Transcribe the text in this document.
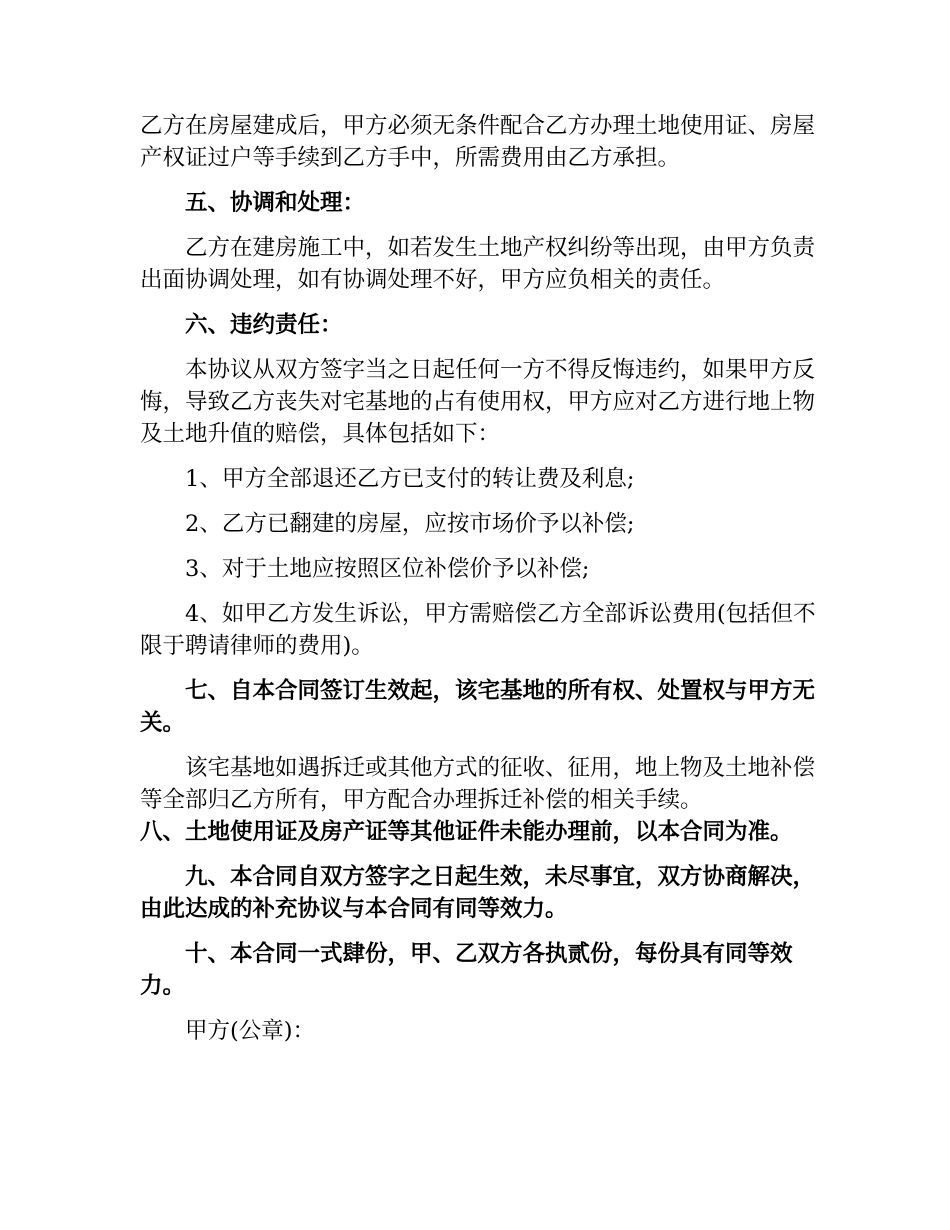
乙方在房屋建成后，甲方必须无条件配合乙方办理土地使用证、房屋产权证过户等手续到乙方手中，所需费用由乙方承担。

五、协调和处理：

乙方在建房施工中，如若发生土地产权纠纷等出现，由甲方负责出面协调处理，如有协调处理不好，甲方应负相关的责任。

六、违约责任：

本协议从双方签字当之日起任何一方不得反悔违约，如果甲方反悔，导致乙方丧失对宅基地的占有使用权，甲方应对乙方进行地上物及土地升值的赔偿，具体包括如下：

1、甲方全部退还乙方已支付的转让费及利息;

2、乙方已翻建的房屋，应按市场价予以补偿;

3、对于土地应按照区位补偿价予以补偿;

4、如甲乙方发生诉讼，甲方需赔偿乙方全部诉讼费用(包括但不限于聘请律师的费用)。

七、自本合同签订生效起，该宅基地的所有权、处置权与甲方无关。

该宅基地如遇拆迁或其他方式的征收、征用，地上物及土地补偿等全部归乙方所有，甲方配合办理拆迁补偿的相关手续。

八、土地使用证及房产证等其他证件未能办理前，以本合同为准。

九、本合同自双方签字之日起生效，未尽事宜，双方协商解决，由此达成的补充协议与本合同有同等效力。

十、本合同一式肆份，甲、乙双方各执贰份，每份具有同等效力。

甲方(公章)：
